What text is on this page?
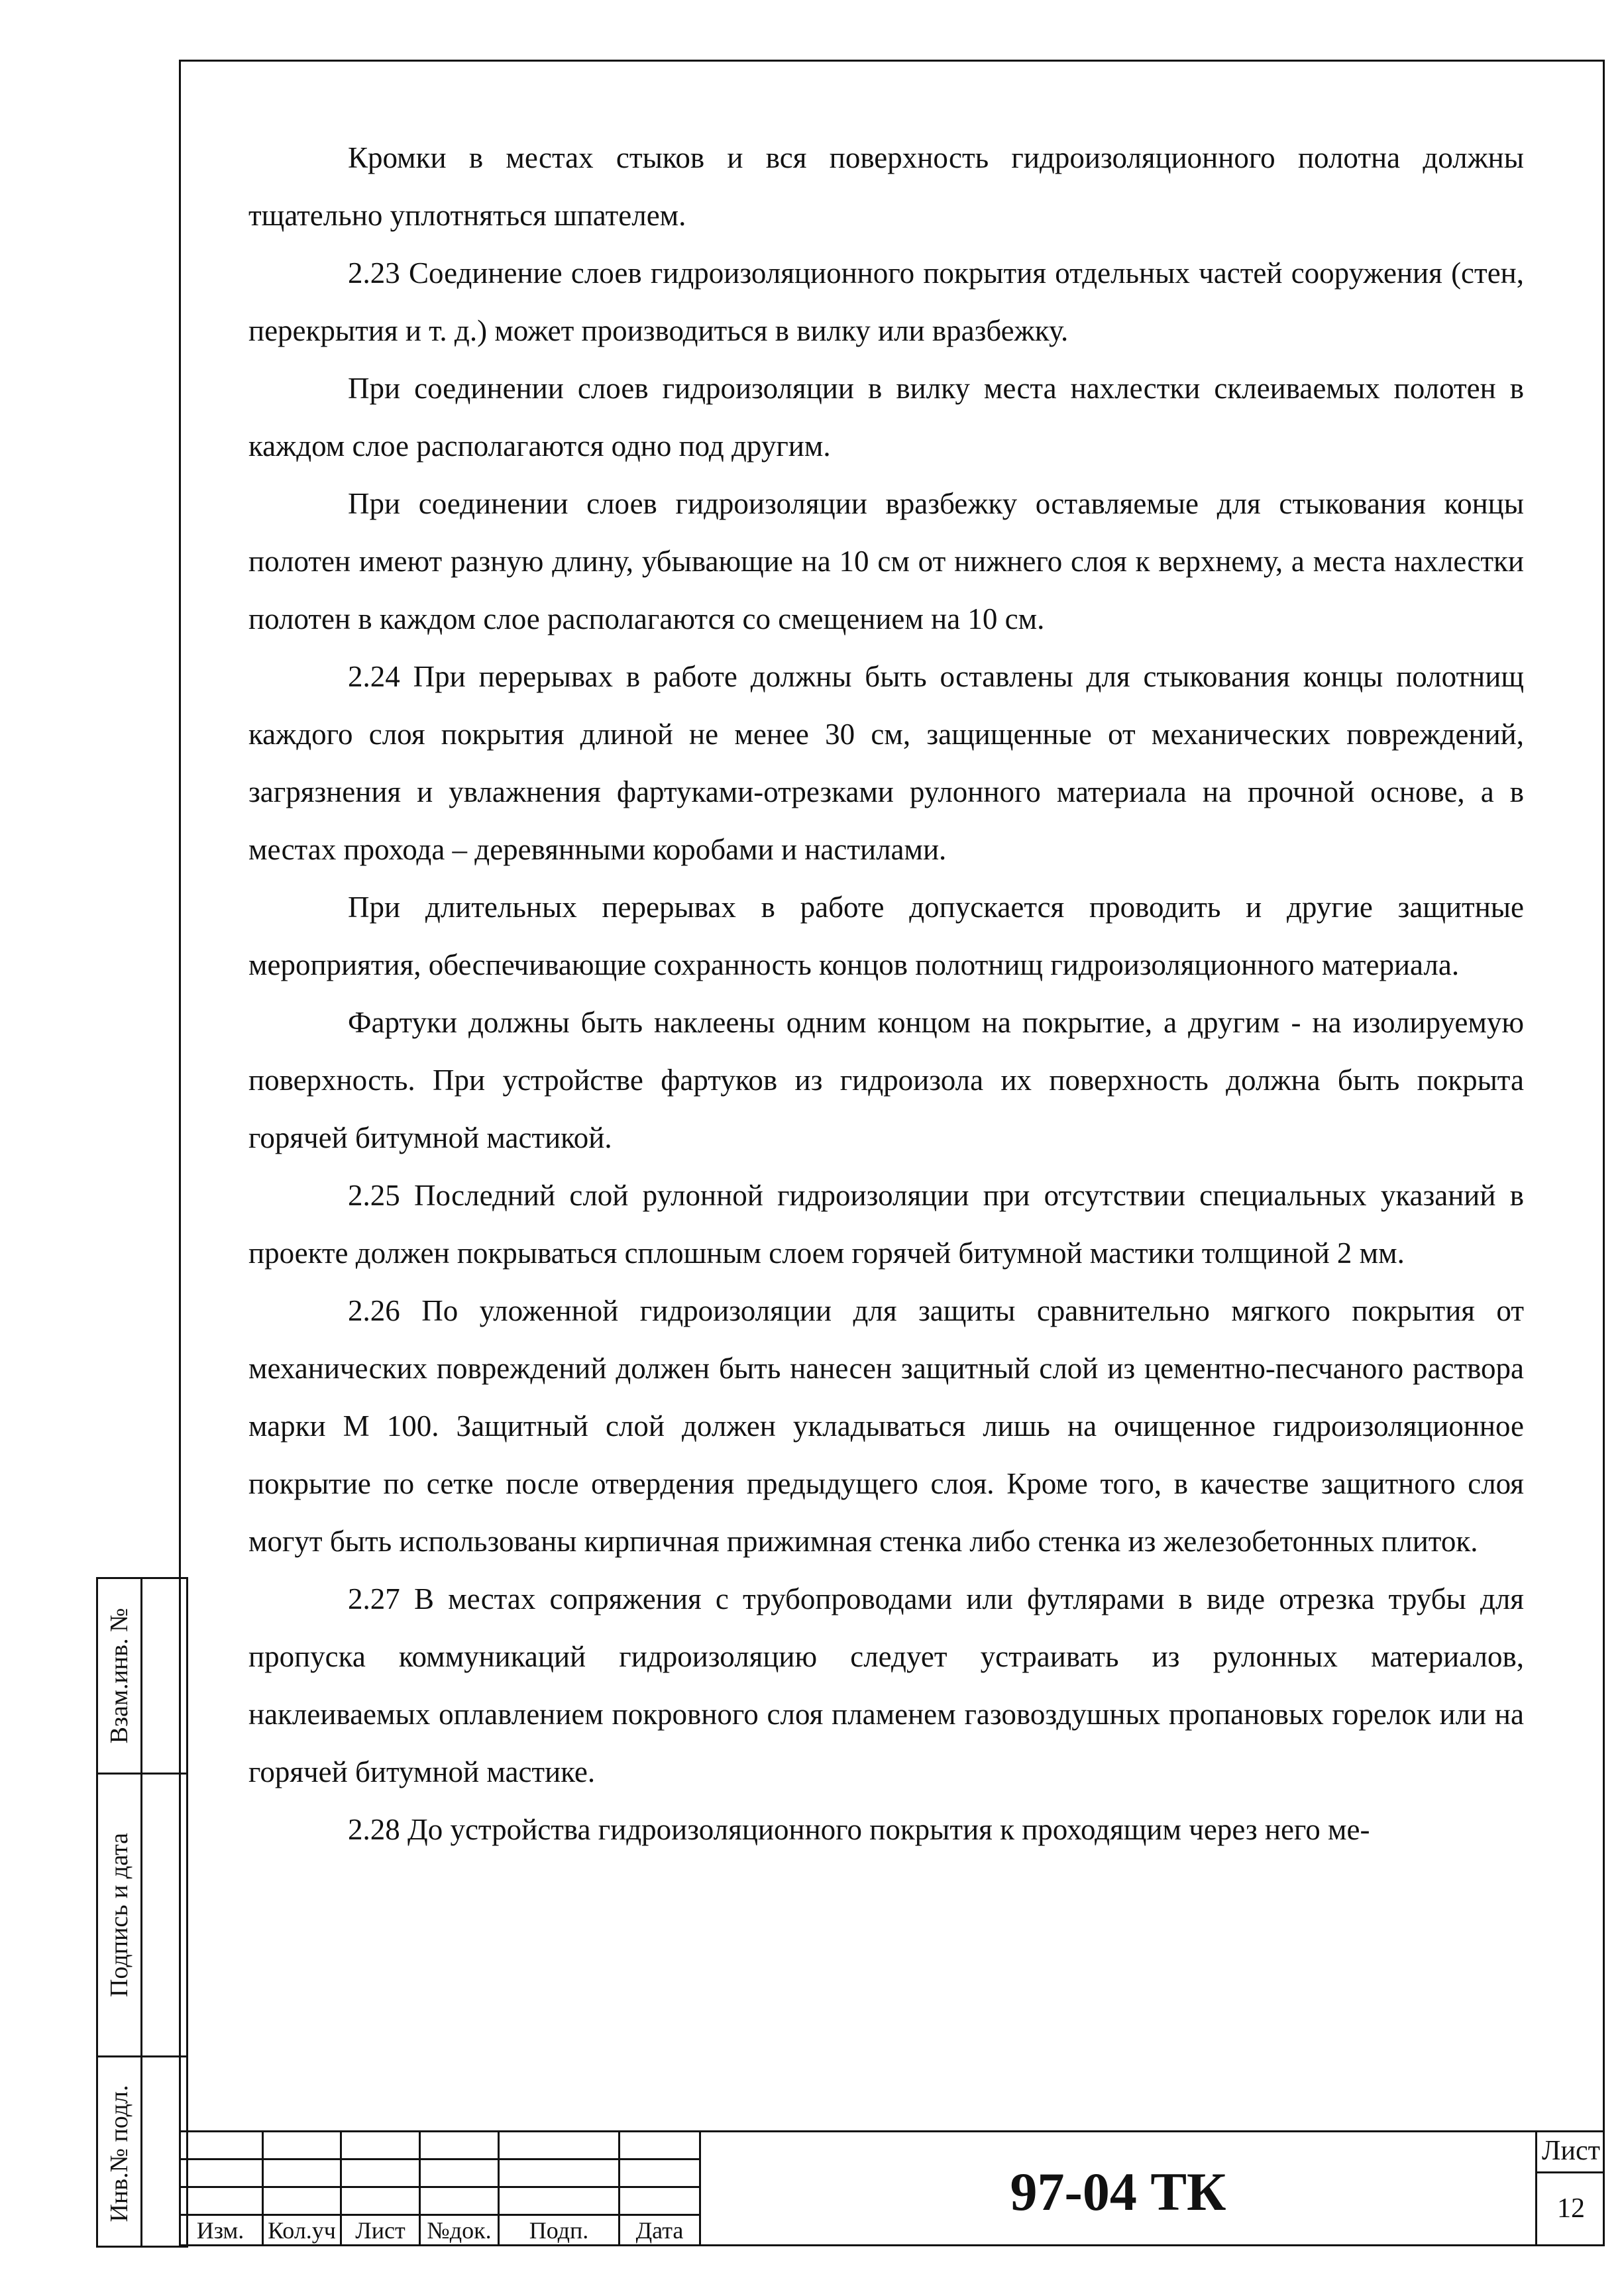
Кромки в местах стыков и вся поверхность гидроизоляционного полотна должны тщательно уплотняться шпателем.

2.23 Соединение слоев гидроизоляционного покрытия отдельных частей сооружения (стен, перекрытия и т. д.) может производиться в вилку или вразбежку.

При соединении слоев гидроизоляции в вилку места нахлестки склеиваемых полотен в каждом слое располагаются одно под другим.

При соединении слоев гидроизоляции вразбежку оставляемые для стыкования концы полотен имеют разную длину, убывающие на 10 см от нижнего слоя к верхнему, а места нахлестки полотен в каждом слое располагаются со смещением на 10 см.

2.24 При перерывах в работе должны быть оставлены для стыкования концы полотнищ каждого слоя покрытия длиной не менее 30 см, защищенные от механических повреждений, загрязнения и увлажнения фартуками-отрезками рулонного материала на прочной основе, а в местах прохода – деревянными коробами и настилами.

При длительных перерывах в работе допускается проводить и другие защитные мероприятия, обеспечивающие сохранность концов полотнищ гидроизоляционного материала.

Фартуки должны быть наклеены одним концом на покрытие, а другим - на изолируемую поверхность. При устройстве фартуков из гидроизола их поверхность должна быть покрыта горячей битумной мастикой.

2.25 Последний слой рулонной гидроизоляции при отсутствии специальных указаний в проекте должен покрываться сплошным слоем горячей битумной мастики толщиной 2 мм.

2.26 По уложенной гидроизоляции для защиты сравнительно мягкого покрытия от механических повреждений должен быть нанесен защитный слой из цементно-песчаного раствора марки М 100. Защитный слой должен укладываться лишь на очищенное гидроизоляционное покрытие по сетке после отвердения предыдущего слоя. Кроме того, в качестве защитного слоя могут быть использованы кирпичная прижимная стенка либо стенка из железобетонных плиток.

2.27 В местах сопряжения с трубопроводами или футлярами в виде отрезка трубы для пропуска коммуникаций гидроизоляцию следует устраивать из рулонных материалов, наклеиваемых оплавлением покровного слоя пламенем газовоздушных пропановых горелок или на горячей битумной мастике.

2.28 До устройства гидроизоляционного покрытия к проходящим через него ме-

Взам.инв. №
Подпись и дата
Инв.№ подл.
Изм. Кол.уч Лист №док.	Подп.	Дата
97-04 ТК
Лист
12
